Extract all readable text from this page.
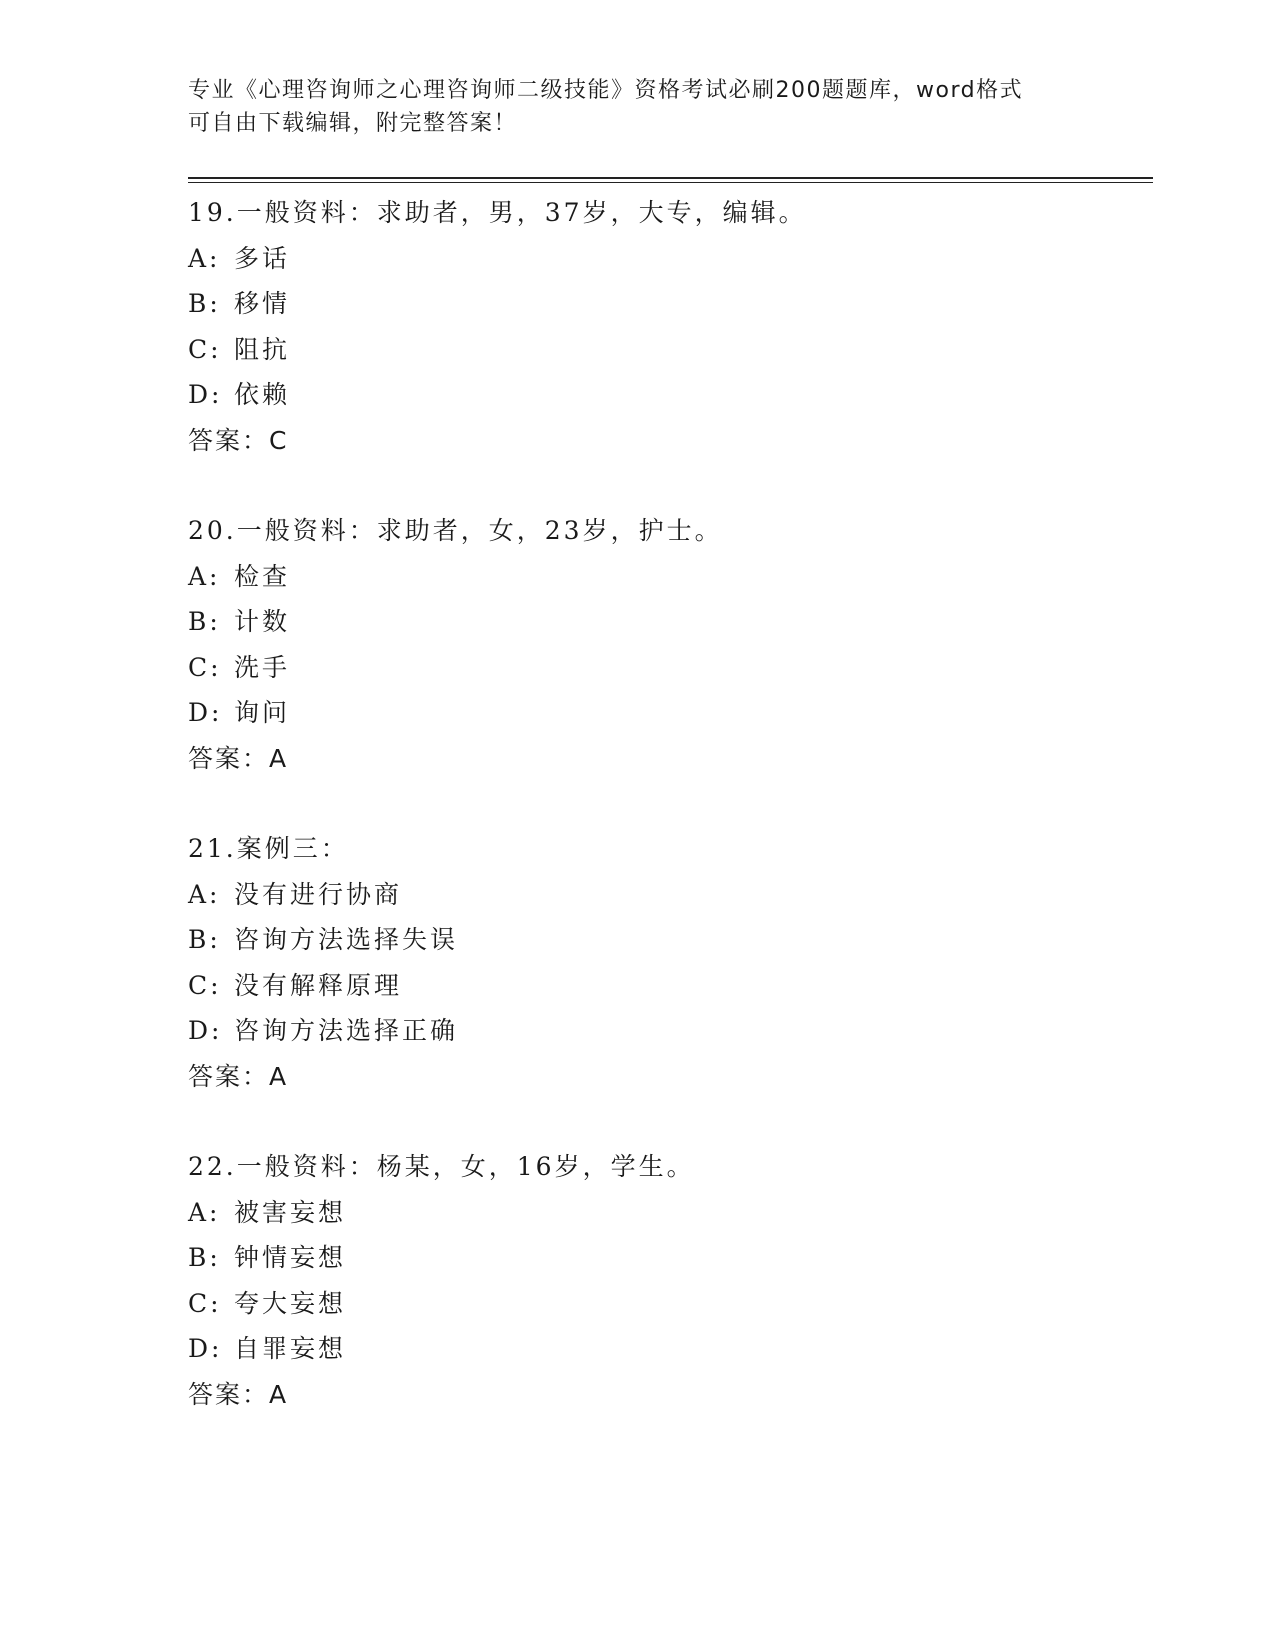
专业《心理咨询师之心理咨询师二级技能》资格考试必刷200题题库，word格式
可自由下载编辑，附完整答案！
19.一般资料：求助者，男，37岁，大专，编辑。
A: 多话
B: 移情
C: 阻抗
D: 依赖
答案：C
20.一般资料：求助者，女，23岁，护士。
A: 检查
B: 计数
C: 洗手
D: 询问
答案：A
21.案例三：
A: 没有进行协商
B: 咨询方法选择失误
C: 没有解释原理
D: 咨询方法选择正确
答案：A
22.一般资料：杨某，女，16岁，学生。
A: 被害妄想
B: 钟情妄想
C: 夸大妄想
D: 自罪妄想
答案：A
